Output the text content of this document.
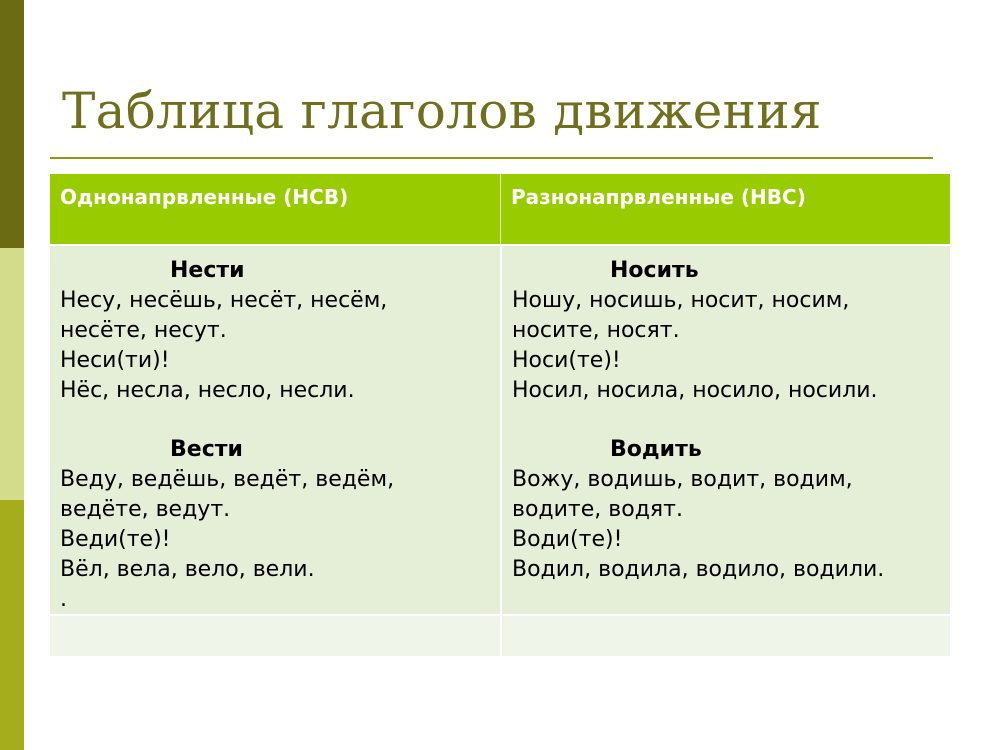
Таблица глаголов движения
Однонапрвленные (НСВ)	Разнонапрвленные (НВС)
Нести
Несу, несёшь, несёт, несём,
несёте, несут.
Неси(ти)!
Нёс, несла, несло, несли.
Вести
Веду, ведёшь, ведёт, ведём,
ведёте, ведут.
Веди(те)!
Вёл, вела, вело, вели.
.
Носить
Ношу, носишь, носит, носим,
носите, носят.
Носи(те)!
Носил, носила, носило, носили.
Водить
Вожу, водишь, водит, водим,
водите, водят.
Води(те)!
Водил, водила, водило, водили.
